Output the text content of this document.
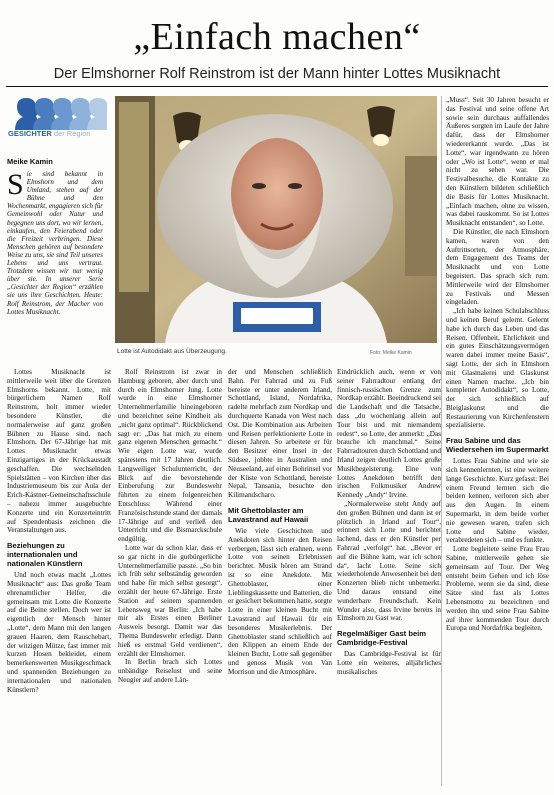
„Einfach machen“
Der Elmshorner Rolf Reinstrom ist der Mann hinter Lottes Musiknacht
GESICHTER der Region
Meike Kamin
Sie sind bekannt in Elmshorn und dem Umland, stehen auf der Bühne und den Wochenmarkt, engagieren sich für Gemeinwohl oder Natur und begegnen uns dort, wo wir lernen, einkaufen, den Feierabend oder die Freizeit verbringen. Diese Menschen gehören auf besondere Weise zu uns, sie sind Teil unseres Lebens und uns vertraut. Trotzdem wissen wir nur wenig über sie. In unserer Serie „Gesichter der Region“ erzählen sie uns ihre Geschichten. Heute: Rolf Reinstrom, der Macher von Lottes Musiknacht.
Lotte ist Autodidakt aus Überzeugung.	Foto: Meike Kamin

Lottes Musiknacht ist mittlerweile weit über die Grenzen Elmshorns bekannt. Lotte, mit bürgerlichem Namen Rolf Reinstrom, holt immer wieder besondere Künstler, die normalerweise auf ganz großen Bühnen zu Hause sind, nach Elmshorn. Der 67-Jährige hat mit Lottes Musiknacht etwas Einzigartiges in der Krückaustadt geschaffen. Die wechselnden Spielstätten – von Kirchen über das Industriemuseum bis zur Aula der Erich-Kästner-Gemeinschaftsschule – nahezu immer ausgebuchte Konzerte und ein Konzerteintritt auf Spendenbasis zeichnen die Veranstaltungen aus.

Beziehungen zu internationalen und nationalen Künstlern

Und noch etwas macht „Lottes Musiknacht“ aus: Das große Team ehrenamtlicher Helfer, die gemeinsam mit Lotte die Konzerte auf die Beine stellen. Doch wer ist eigentlich der Mensch hinter „Lotte“, dem Mann mit den langen grauen Haaren, dem Rauschebart, der witzigen Mütze, fast immer mit kurzen Hosen bekleidet, einem bemerkenswerten Musikgeschmack und spannenden Beziehungen zu internationalen und nationalen Künstlern?

Rolf Reinstrom ist zwar in Hamburg geboren, aber durch und durch ein Elmshorner Jung. Lotte wurde in eine Elmshorner Unternehmerfamilie hineingeboren und bezeichnet seine Kindheit als „nicht ganz optimal“. Rückblickend sagt er: „Das hat mich zu einem ganz eigenen Menschen gemacht.“ Wie eigen Lotte war, wurde spätestens mit 17 Jahren deutlich. Langweiliger Schulunterricht, der Blick auf die bevorstehende Einberufung zur Bundeswehr führten zu einem folgenreichen Entschluss: Während einer Französischstunde stand der damals 17-Jährige auf und verließ den Unterricht und die Bismarckschule endgültig.

Lotte war da schon klar, dass er so gar nicht in die gutbürgerliche Unternehmerfamilie passte. „So bin ich früh sehr selbständig geworden und habe für mich selbst gesorgt“, erzählt der heute 67-Jährige. Erste Station auf seinem spannenden Lebensweg war Berlin: „Ich habe mir als Erstes einen Berliner Ausweis besorgt. Damit war das Thema Bundeswehr erledigt. Dann hieß es erstmal Geld verdienen“, erzählt der Elmshorner.

In Berlin brach sich Lottes unbändige Reiselust und seine Neugier auf andere Län-

der und Menschen schließlich Bahn. Per Fahrrad und zu Fuß bereiste er unter anderem Irland, Schottland, Island, Nordafrika, radelte mehrfach zum Nordkap und durchquerte Kanada von West nach Ost. Die Kombination aus Arbeiten und Reisen perfektionierte Lotte in diesen Jahren. So arbeitete er für den Besitzer einer Insel in der Südsee, jobbte in Australien und Neuseeland, auf einer Bohrinsel vor der Küste von Schottland, bereiste Nepal, Tansania, besuchte den Kilimandscharo.

Mit Ghettoblaster am Lavastrand auf Hawaii

Wie viele Geschichten und Anekdoten sich hinter den Reisen verbergen, lässt sich erahnen, wenn Lotte von seinen Erlebnissen berichtet. Musik hören am Strand ist so eine Anekdote. Mit Ghettoblaster, einer Lieblingskassette und Batterien, die er gesichert bekommen hatte, sorgte Lotte in einer kleinen Bucht mit Lavastrand auf Hawaii für ein besonderes Musikerlebnis. Der Ghettoblaster stand schließlich auf den Klippen an einem Ende der kleinen Bucht, Lotte saß gegenüber und genoss Musik von Van Morrison und die Atmosphäre.

Eindrücklich auch, wenn er von seiner Fahrradtour entlang der finnisch-russischen Grenze zum Nordkap erzählt. Beeindruckend sei die Landschaft und die Tatsache, dass „du wochenlang allein auf Tour bist und mit niemandem redest“, so Lotte, der anmerkt: „Das brauche ich manchmal.“ Seine Fahrradtouren durch Schottland und Irland zeigen deutlich Lottes große Musikbegeisterung. Eine von Lottes Anekdoten betrifft den irischen Folkmusiker Andrew Kennedy „Andy“ Irvine.

„Normalerweise steht Andy auf den großen Bühnen und dann ist er plötzlich in Irland auf Tour“, erinnert sich Lotte und berichtet lachend, dass er den Künstler per Fahrrad „verfolgt“ hat. „Bevor er auf die Bühne kam, war ich schon da“, lacht Lotte. Seine sich wiederholende Anwesenheit bei den Konzerten blieb nicht unbemerkt. Und daraus entstand eine wunderbare Freundschaft. Kein Wunder also, dass Irvine bereits in Elmshorn zu Gast war.

Regelmäßiger Gast beim Cambridge-Festival

Das Cambridge-Festival ist für Lotte ein weiteres, alljährliches musikalisches

„Muss“. Seit 30 Jahren besucht er das Festival und seine offene Art sowie sein durchaus auffallendes Äußeres sorgten im Laufe der Jahre dafür, dass der Elmshorner wiedererkannt wurde. „Das ist Lotte“, war irgendwann zu hören oder „Wo ist Lotte“, wenn er mal nicht zu sehen war. Die Festivalbesuche, die Kontakte zu den Künstlern bildeten schließlich die Basis für Lottes Musiknacht. „Einfach machen, ohne zu wissen, was dabei rauskommt. So ist Lottes Musiknacht entstanden“, so Lotte.

Die Künstler, die nach Elmshorn kamen, waren von den Auftrittsorten, der Atmosphäre, dem Engagement des Teams der Musiknacht und von Lotte begeistert. Das sprach sich rum. Mittlerweile wird der Elmshorner zu Festivals und Messen eingeladen.

„Ich habe keinen Schulabschluss und keinen Beruf gelernt. Gelernt habe ich durch das Leben und das Reisen. Offenheit, Ehrlichkeit und ein gutes Einschätzungsvermögen waren dabei immer meine Basis“, sagt Lotte, der sich in Elmshorn mit Glasmalerei und Glaskunst einen Namen machte. „Ich bin kompletter Autodidakt“, so Lotte, der sich schließlich auf Bleiglaskunst und die Restaurierung von Kirchenfenstern spezialisierte.

Frau Sabine und das Wiedersehen im Supermarkt

Lottes Frau Sabine und wie sie sich kennenlernten, ist eine weitere lange Geschichte. Kurz gefasst: Bei einem Freund lernten sich die beiden kennen, verloren sich aber aus den Augen. In einem Supermarkt, in dem beide vorher nie gewesen waren, trafen sich Lotte und Sabine wieder, verabredeten sich – und es funkte.

Lotte begleitete seine Frau Frau Sabine, mittlerweile gehen sie gemeinsam auf Tour. Der Weg entsteht beim Gehen und ich löse Probleme, wenn sie da sind, diese Sätze sind fast als Lottes Lebensmotto zu bezeichnen und werden ihn und seine Frau Sabine auf ihrer kommenden Tour durch Europa und Nordafrika begleiten.
